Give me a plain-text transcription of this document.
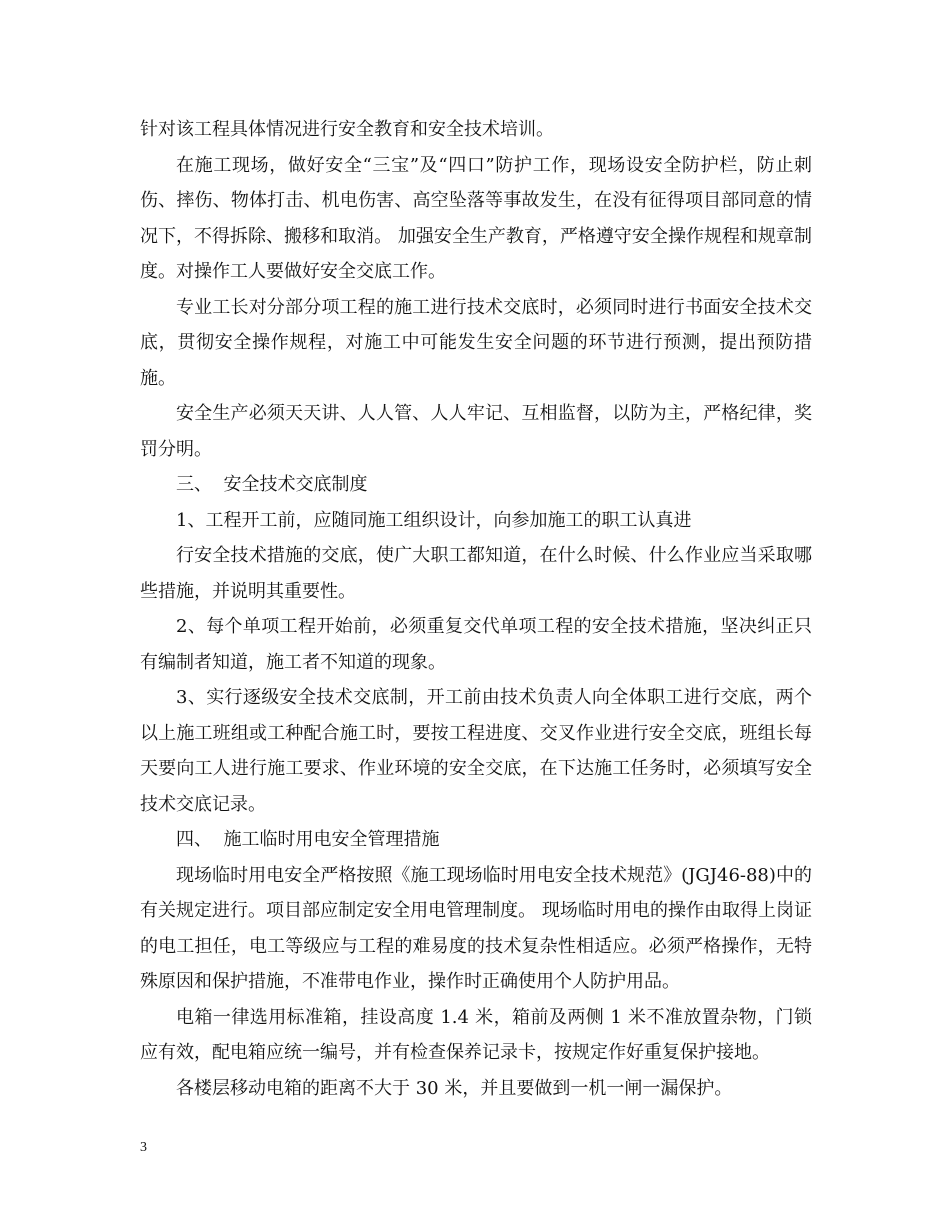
针对该工程具体情况进行安全教育和安全技术培训。

在施工现场，做好安全“三宝”及“四口”防护工作，现场设安全防护栏，防止刺伤、摔伤、物体打击、机电伤害、高空坠落等事故发生，在没有征得项目部同意的情况下，不得拆除、搬移和取消。 加强安全生产教育，严格遵守安全操作规程和规章制度。对操作工人要做好安全交底工作。

专业工长对分部分项工程的施工进行技术交底时，必须同时进行书面安全技术交底，贯彻安全操作规程，对施工中可能发生安全问题的环节进行预测，提出预防措施。

安全生产必须天天讲、人人管、人人牢记、互相监督，以防为主，严格纪律，奖罚分明。

三、  安全技术交底制度

1、工程开工前，应随同施工组织设计，向参加施工的职工认真进

行安全技术措施的交底，使广大职工都知道，在什么时候、什么作业应当采取哪些措施，并说明其重要性。

2、每个单项工程开始前，必须重复交代单项工程的安全技术措施，坚决纠正只有编制者知道，施工者不知道的现象。

3、实行逐级安全技术交底制，开工前由技术负责人向全体职工进行交底，两个以上施工班组或工种配合施工时，要按工程进度、交叉作业进行安全交底，班组长每天要向工人进行施工要求、作业环境的安全交底，在下达施工任务时，必须填写安全技术交底记录。

四、  施工临时用电安全管理措施

现场临时用电安全严格按照《施工现场临时用电安全技术规范》(JGJ46-88)中的有关规定进行。项目部应制定安全用电管理制度。 现场临时用电的操作由取得上岗证的电工担任，电工等级应与工程的难易度的技术复杂性相适应。必须严格操作，无特殊原因和保护措施，不准带电作业，操作时正确使用个人防护用品。

电箱一律选用标准箱，挂设高度 1.4 米，箱前及两侧 1 米不准放置杂物，门锁应有效，配电箱应统一编号，并有检查保养记录卡，按规定作好重复保护接地。

各楼层移动电箱的距离不大于 30 米，并且要做到一机一闸一漏保护。

3
